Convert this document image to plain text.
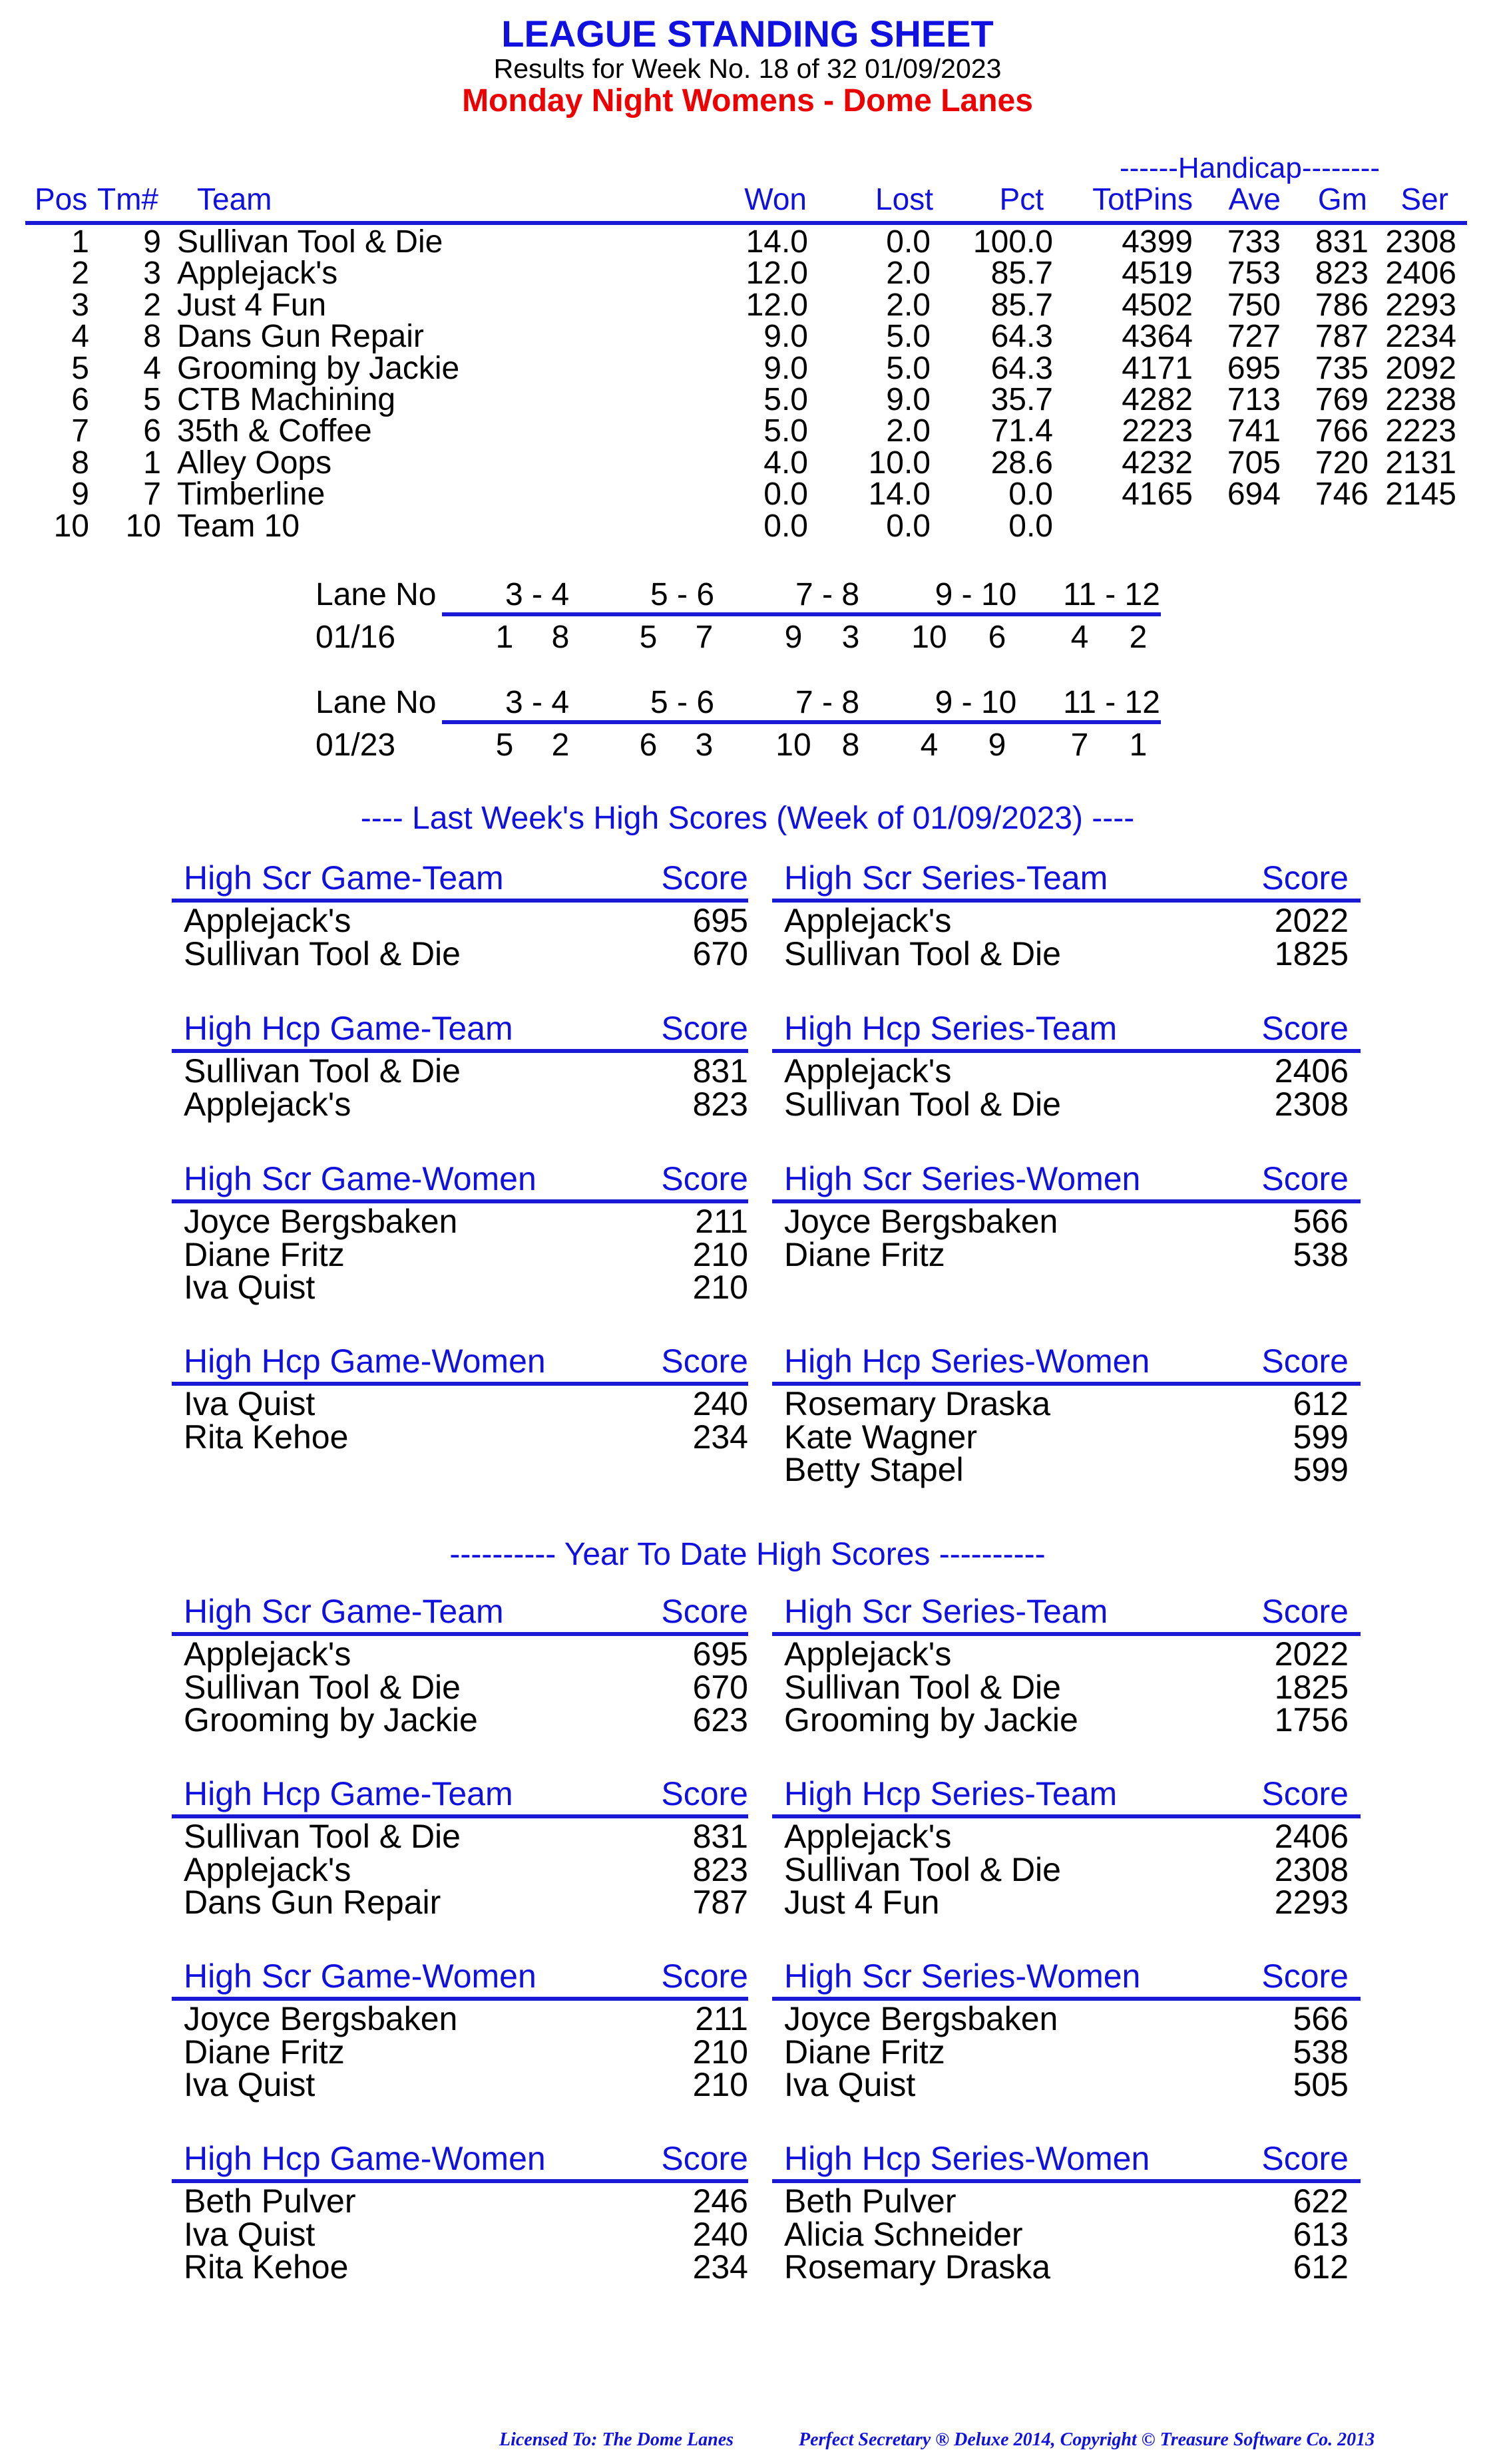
LEAGUE STANDING SHEET
Results for Week No. 18 of 32 01/09/2023
Monday Night Womens - Dome Lanes
------Handicap--------
Pos Tm# Team	Won Lost Pct TotPins Ave Gm Ser
1 9 Sullivan Tool & Die	14.0 0.0 100.0 4399 733 831 2308
2 3 Applejack's	12.0 2.0 85.7 4519 753 823 2406
3 2 Just 4 Fun	12.0 2.0 85.7 4502 750 786 2293
4 8 Dans Gun Repair	9.0 5.0 64.3 4364 727 787 2234
5 4 Grooming by Jackie	9.0 5.0 64.3 4171 695 735 2092
6 5 CTB Machining	5.0 9.0 35.7 4282 713 769 2238
7 6 35th & Coffee	5.0 2.0 71.4 2223 741 766 2223
8 1 Alley Oops	4.0 10.0 28.6 4232 705 720 2131
9 7 Timberline	0.0 14.0 0.0 4165 694 746 2145
10 10 Team 10	0.0 0.0 0.0
Lane No	3 - 4	5 - 6	7 - 8	9 - 10 11 - 12
01/16	1	8	5	7	9	3	10	6	4	2
Lane No	3 - 4	5 - 6	7 - 8	9 - 10 11 - 12
01/23	5	2	6	3	10 8	4	9	7	1
---- Last Week's High Scores (Week of 01/09/2023) ----
High Scr Game-Team	Score
Applejack's	695
Sullivan Tool & Die	670
High Scr Series-Team	Score
Applejack's	2022
Sullivan Tool & Die	1825
High Hcp Game-Team	Score
Sullivan Tool & Die	831
Applejack's	823
High Hcp Series-Team	Score
Applejack's	2406
Sullivan Tool & Die	2308
High Scr Game-Women	Score
Joyce Bergsbaken	211
Diane Fritz	210
Iva Quist	210
High Scr Series-Women	Score
Joyce Bergsbaken	566
Diane Fritz	538
High Hcp Game-Women	Score
Iva Quist	240
Rita Kehoe	234
High Hcp Series-Women	Score
Rosemary Draska	612
Kate Wagner	599
Betty Stapel	599
---------- Year To Date High Scores ----------
High Scr Game-Team	Score
Applejack's	695
Sullivan Tool & Die	670
Grooming by Jackie	623
High Scr Series-Team	Score
Applejack's	2022
Sullivan Tool & Die	1825
Grooming by Jackie	1756
High Hcp Game-Team	Score
Sullivan Tool & Die	831
Applejack's	823
Dans Gun Repair	787
High Hcp Series-Team	Score
Applejack's	2406
Sullivan Tool & Die	2308
Just 4 Fun	2293
High Scr Game-Women	Score
Joyce Bergsbaken	211
Diane Fritz	210
Iva Quist	210
High Scr Series-Women	Score
Joyce Bergsbaken	566
Diane Fritz	538
Iva Quist	505
High Hcp Game-Women	Score
Beth Pulver	246
Iva Quist	240
Rita Kehoe	234
High Hcp Series-Women	Score
Beth Pulver	622
Alicia Schneider	613
Rosemary Draska	612
Licensed To: The Dome Lanes	Perfect Secretary ® Deluxe 2014, Copyright © Treasure Software Co. 2013
